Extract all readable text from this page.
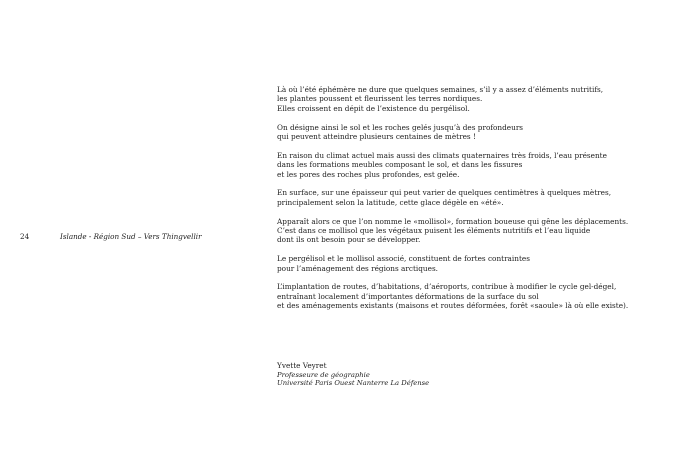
24	Islande - Région Sud – Vers Thingvellir

Là où l’été éphémère ne dure que quelques semaines, s’il y a assez d’éléments nutritifs,
les plantes poussent et fleurissent les terres nordiques.
Elles croissent en dépit de l’existence du pergélisol.

On désigne ainsi le sol et les roches gelés jusqu’à des profondeurs
qui peuvent atteindre plusieurs centaines de mètres !

En raison du climat actuel mais aussi des climats quaternaires très froids, l’eau présente
dans les formations meubles composant le sol, et dans les fissures
et les pores des roches plus profondes, est gelée.

En surface, sur une épaisseur qui peut varier de quelques centimètres à quelques mètres,
principalement selon la latitude, cette glace dégèle en «été».

Apparaît alors ce que l’on nomme le «mollisol», formation boueuse qui gêne les déplacements.
C’est dans ce mollisol que les végétaux puisent les éléments nutritifs et l’eau liquide
dont ils ont besoin pour se développer.

Le pergélisol et le mollisol associé, constituent de fortes contraintes
pour l’aménagement des régions arctiques.

L’implantation de routes, d’habitations, d’aéroports, contribue à modifier le cycle gel-dégel,
entraînant localement d’importantes déformations de la surface du sol
et des aménagements existants (maisons et routes déformées, forêt «saoule» là où elle existe).

Yvette Veyret
Professeure de géographie
Université Paris Ouest Nanterre La Défense
